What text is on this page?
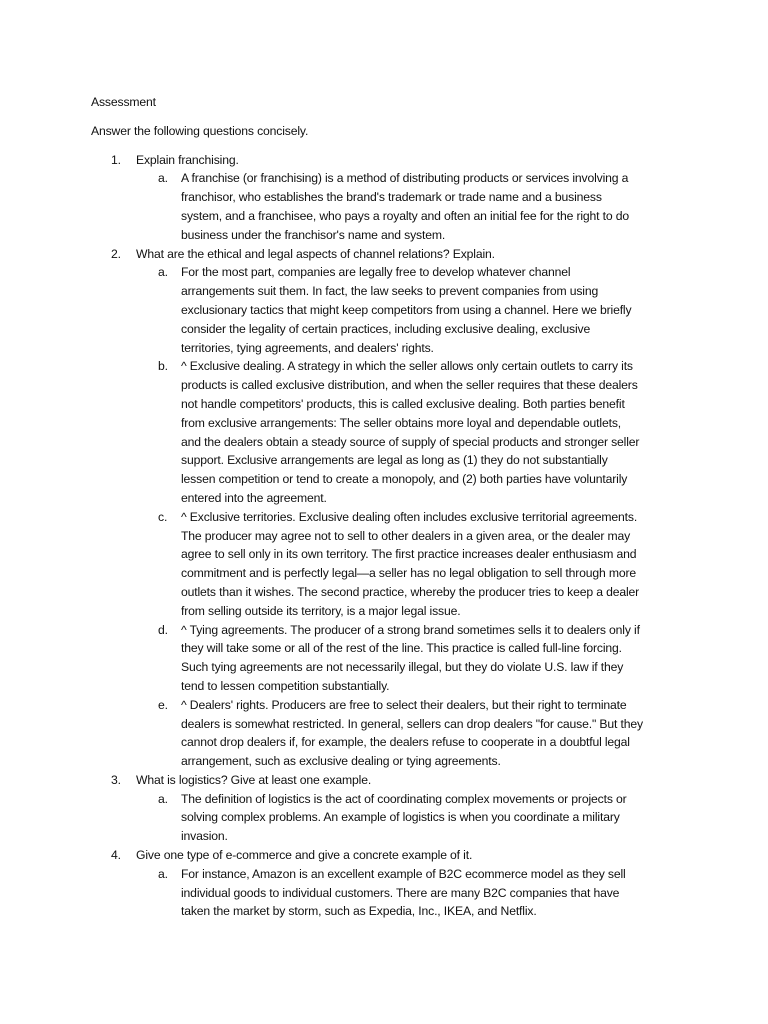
Assessment
Answer the following questions concisely.
1. Explain franchising.
a. A franchise (or franchising) is a method of distributing products or services involving a franchisor, who establishes the brand's trademark or trade name and a business system, and a franchisee, who pays a royalty and often an initial fee for the right to do business under the franchisor's name and system.
2. What are the ethical and legal aspects of channel relations? Explain.
a. For the most part, companies are legally free to develop whatever channel arrangements suit them. In fact, the law seeks to prevent companies from using exclusionary tactics that might keep competitors from using a channel. Here we briefly consider the legality of certain practices, including exclusive dealing, exclusive territories, tying agreements, and dealers' rights.
b. ^ Exclusive dealing. A strategy in which the seller allows only certain outlets to carry its products is called exclusive distribution, and when the seller requires that these dealers not handle competitors' products, this is called exclusive dealing. Both parties benefit from exclusive arrangements: The seller obtains more loyal and dependable outlets, and the dealers obtain a steady source of supply of special products and stronger seller support. Exclusive arrangements are legal as long as (1) they do not substantially lessen competition or tend to create a monopoly, and (2) both parties have voluntarily entered into the agreement.
c. ^ Exclusive territories. Exclusive dealing often includes exclusive territorial agreements. The producer may agree not to sell to other dealers in a given area, or the dealer may agree to sell only in its own territory. The first practice increases dealer enthusiasm and commitment and is perfectly legal—a seller has no legal obligation to sell through more outlets than it wishes. The second practice, whereby the producer tries to keep a dealer from selling outside its territory, is a major legal issue.
d. ^ Tying agreements. The producer of a strong brand sometimes sells it to dealers only if they will take some or all of the rest of the line. This practice is called full-line forcing. Such tying agreements are not necessarily illegal, but they do violate U.S. law if they tend to lessen competition substantially.
e. ^ Dealers' rights. Producers are free to select their dealers, but their right to terminate dealers is somewhat restricted. In general, sellers can drop dealers "for cause." But they cannot drop dealers if, for example, the dealers refuse to cooperate in a doubtful legal arrangement, such as exclusive dealing or tying agreements.
3. What is logistics? Give at least one example.
a. The definition of logistics is the act of coordinating complex movements or projects or solving complex problems. An example of logistics is when you coordinate a military invasion.
4. Give one type of e-commerce and give a concrete example of it.
a. For instance, Amazon is an excellent example of B2C ecommerce model as they sell individual goods to individual customers. There are many B2C companies that have taken the market by storm, such as Expedia, Inc., IKEA, and Netflix.
